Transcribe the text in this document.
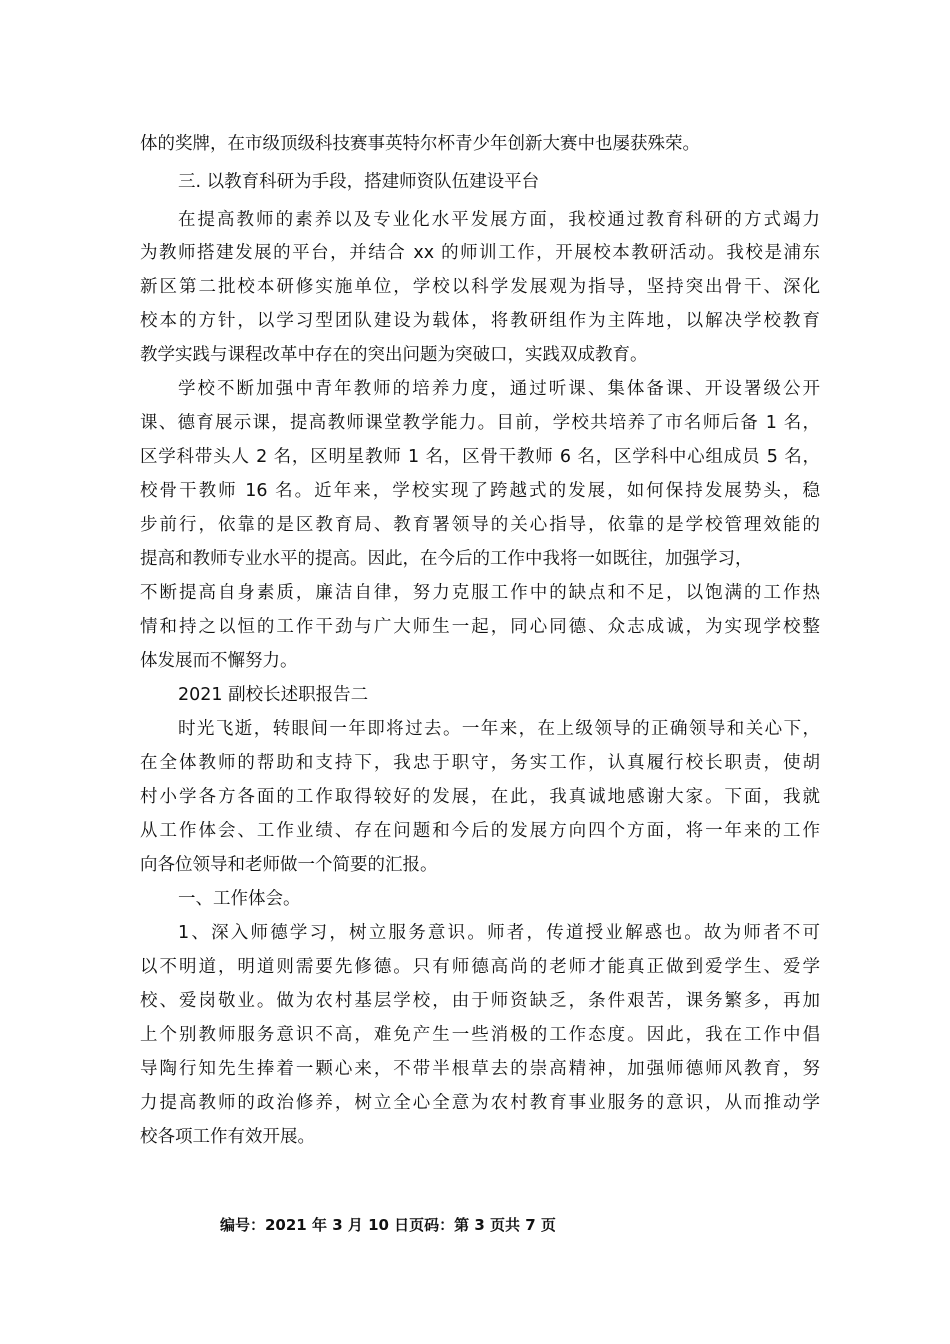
体的奖牌，在市级顶级科技赛事英特尔杯青少年创新大赛中也屡获殊荣。
三. 以教育科研为手段，搭建师资队伍建设平台
在提高教师的素养以及专业化水平发展方面，我校通过教育科研的方式竭力
为教师搭建发展的平台，并结合 xx 的师训工作，开展校本教研活动。我校是浦东
新区第二批校本研修实施单位，学校以科学发展观为指导，坚持突出骨干、深化
校本的方针，以学习型团队建设为载体，将教研组作为主阵地，以解决学校教育
教学实践与课程改革中存在的突出问题为突破口，实践双成教育。
学校不断加强中青年教师的培养力度，通过听课、集体备课、开设署级公开
课、德育展示课，提高教师课堂教学能力。目前，学校共培养了市名师后备 1 名，
区学科带头人 2 名，区明星教师 1 名，区骨干教师 6 名，区学科中心组成员 5 名，
校骨干教师 16 名。近年来，学校实现了跨越式的发展，如何保持发展势头，稳
步前行，依靠的是区教育局、教育署领导的关心指导，依靠的是学校管理效能的
提高和教师专业水平的提高。因此，在今后的工作中我将一如既往，加强学习，
不断提高自身素质，廉洁自律，努力克服工作中的缺点和不足，以饱满的工作热
情和持之以恒的工作干劲与广大师生一起，同心同德、众志成诚，为实现学校整
体发展而不懈努力。
2021 副校长述职报告二
时光飞逝，转眼间一年即将过去。一年来，在上级领导的正确领导和关心下，
在全体教师的帮助和支持下，我忠于职守，务实工作，认真履行校长职责，使胡
村小学各方各面的工作取得较好的发展，在此，我真诚地感谢大家。下面，我就
从工作体会、工作业绩、存在问题和今后的发展方向四个方面，将一年来的工作
向各位领导和老师做一个简要的汇报。
一、工作体会。
1、深入师德学习，树立服务意识。师者，传道授业解惑也。故为师者不可
以不明道，明道则需要先修德。只有师德高尚的老师才能真正做到爱学生、爱学
校、爱岗敬业。做为农村基层学校，由于师资缺乏，条件艰苦，课务繁多，再加
上个别教师服务意识不高，难免产生一些消极的工作态度。因此，我在工作中倡
导陶行知先生捧着一颗心来，不带半根草去的崇高精神，加强师德师风教育，努
力提高教师的政治修养，树立全心全意为农村教育事业服务的意识，从而推动学
校各项工作有效开展。
编号：2021 年 3 月 10 日页码：第 3 页共 7 页
